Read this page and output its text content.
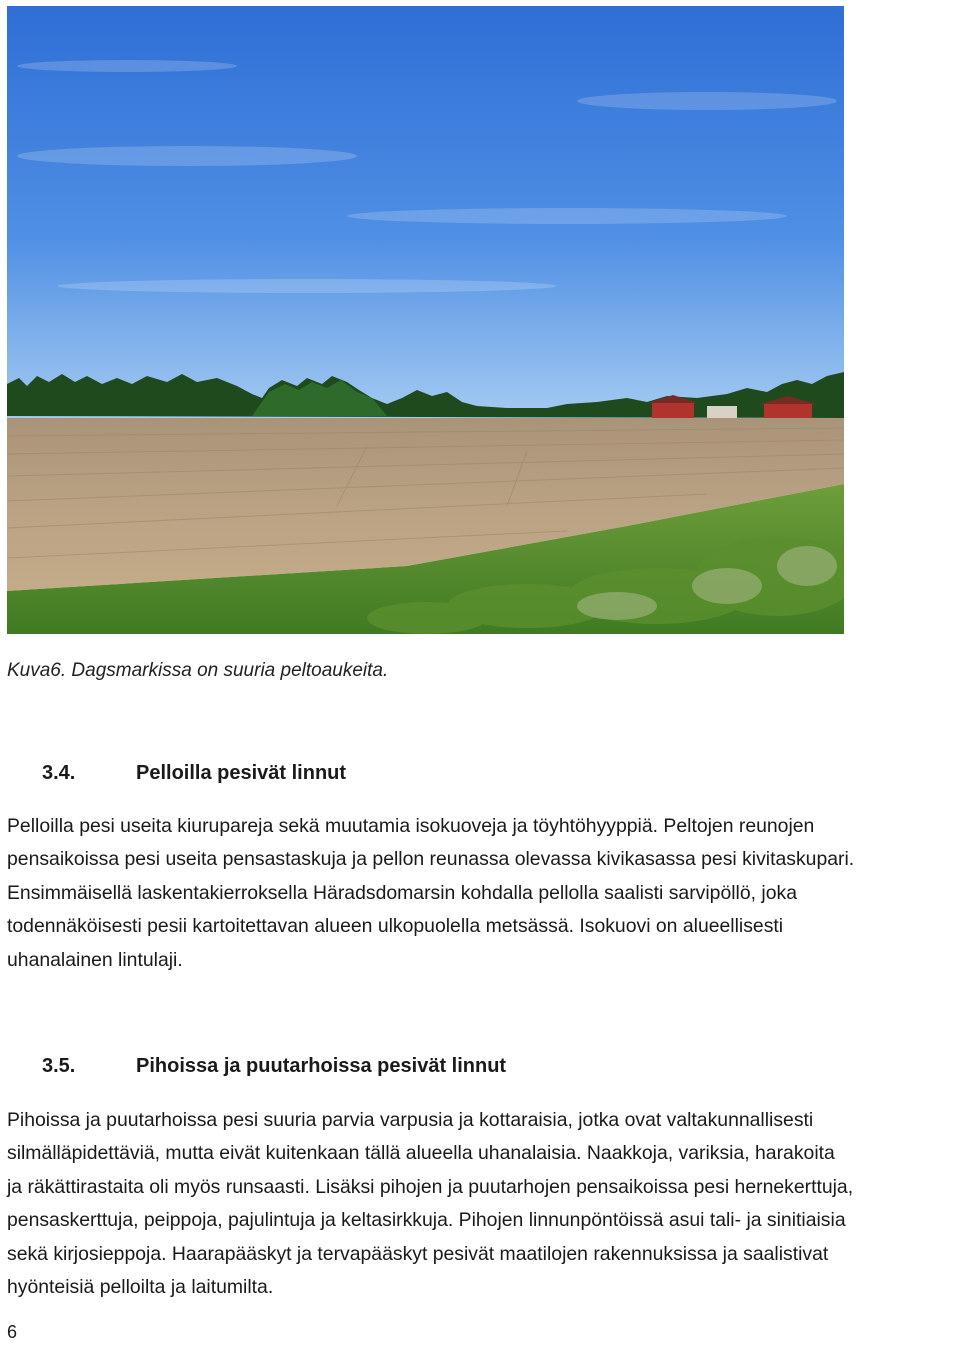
Kuva6. Dagsmarkissa on suuria peltoaukeita.
3.4.	Pelloilla pesivät linnut
Pelloilla pesi useita kiurupareja sekä muutamia isokuoveja ja töyhtöhyyppiä. Peltojen reunojen
pensaikoissa pesi useita pensastaskuja ja pellon reunassa olevassa kivikasassa pesi kivitaskupari.
Ensimmäisellä laskentakierroksella Häradsdomarsin kohdalla pellolla saalisti sarvipöllö, joka
todennäköisesti pesii kartoitettavan alueen ulkopuolella metsässä. Isokuovi on alueellisesti
uhanalainen lintulaji.
3.5.	Pihoissa ja puutarhoissa pesivät linnut
Pihoissa ja puutarhoissa pesi suuria parvia varpusia ja kottaraisia, jotka ovat valtakunnallisesti
silmälläpidettäviä, mutta eivät kuitenkaan tällä alueella uhanalaisia. Naakkoja, variksia, harakoita
ja räkättirastaita oli myös runsaasti. Lisäksi pihojen ja puutarhojen pensaikoissa pesi hernekerttuja,
pensaskerttuja, peippoja, pajulintuja ja keltasirkkuja. Pihojen linnunpöntöissä asui tali- ja sinitiaisia
sekä kirjosieppoja. Haarapääskyt ja tervapääskyt pesivät maatilojen rakennuksissa ja saalistivat
hyönteisiä pelloilta ja laitumilta.
6
